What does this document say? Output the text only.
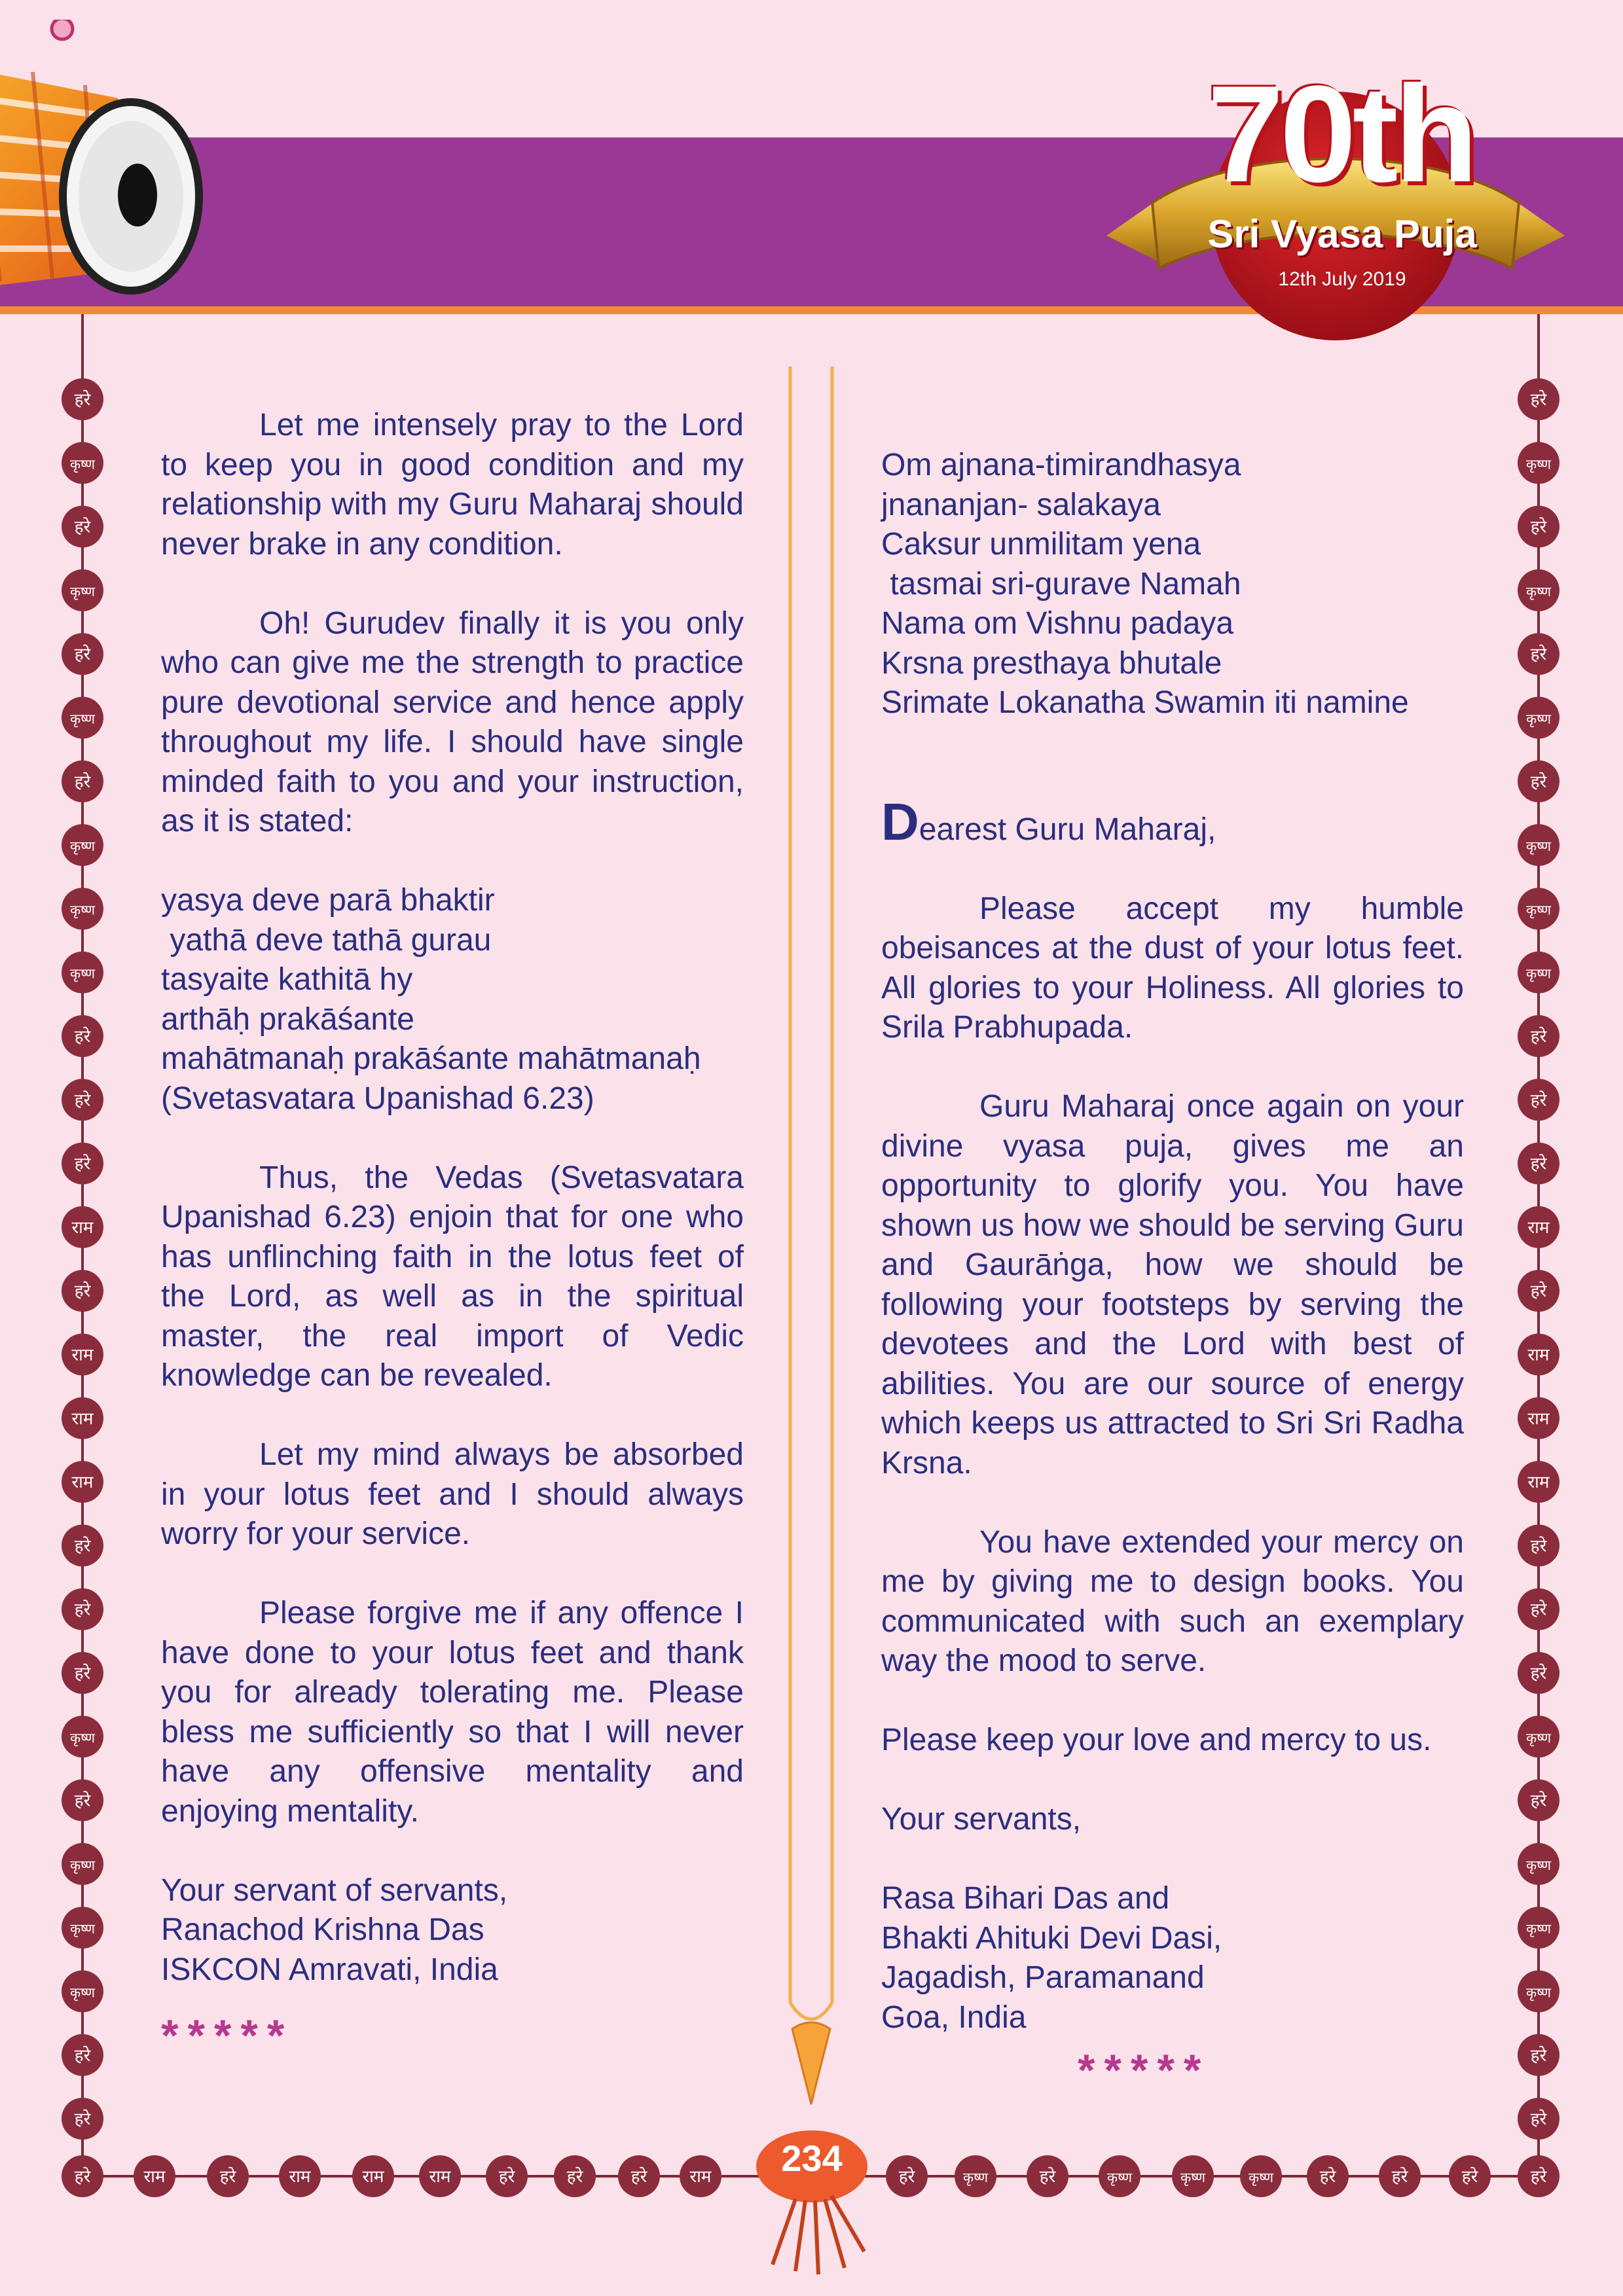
70th
Sri Vyasa Puja
12th July 2019
हरे
कृष्ण
हरे
कृष्ण
हरे
कृष्ण
हरे
कृष्ण
कृष्ण
कृष्ण
हरे
हरे
हरे
राम
हरे
राम
राम
राम
हरे
हरे
हरे
कृष्ण
हरे
कृष्ण
कृष्ण
कृष्ण
हरे
हरे
हरे
कृष्ण
हरे
कृष्ण
हरे
कृष्ण
हरे
कृष्ण
कृष्ण
कृष्ण
हरे
हरे
हरे
राम
हरे
राम
राम
राम
हरे
हरे
हरे
कृष्ण
हरे
कृष्ण
कृष्ण
कृष्ण
हरे
हरे
हरे	राम	हरे	राम	राम	राम	हरे	हरे	हरे	राम	हरे	कृष्ण	हरे	कृष्ण	कृष्ण	कृष्ण	हरे	हरे	हरे	हरे

Let me intensely pray to the Lord to keep you in good condition and my relationship with my Guru Maharaj should never brake in any condition.

Oh! Gurudev finally it is you only who can give me the strength to practice pure devotional service and hence apply throughout my life. I should have single minded faith to you and your instruction, as it is stated:

yasya deve parā bhaktir
yathā deve tathā gurau
tasyaite kathitā hy
arthāḥ prakāśante
mahātmanaḥ prakāśante mahātmanaḥ
(Svetasvatara Upanishad 6.23)

Thus, the Vedas (Svetasvatara Upanishad 6.23) enjoin that for one who has unflinching faith in the lotus feet of the Lord, as well as in the spiritual master, the real import of Vedic knowledge can be revealed.

Let my mind always be absorbed in your lotus feet and I should always worry for your service.

Please forgive me if any offence I have done to your lotus feet and thank you for already tolerating me. Please bless me sufficiently so that I will never have any offensive mentality and enjoying mentality.

Your servant of servants,
Ranachod Krishna Das
ISKCON Amravati, India
*****
Om ajnana-timirandhasya
jnananjan- salakaya
Caksur unmilitam yena
tasmai sri-gurave Namah
Nama om Vishnu padaya
Krsna presthaya bhutale
Srimate Lokanatha Swamin iti namine

Dearest Guru Maharaj,

Please accept my humble obeisances at the dust of your lotus feet. All glories to your Holiness. All glories to Srila Prabhupada.

Guru Maharaj once again on your divine vyasa puja, gives me an opportunity to glorify you. You have shown us how we should be serving Guru and Gaurāṅga, how we should be following your footsteps by serving the devotees and the Lord with best of abilities. You are our source of energy which keeps us attracted to Sri Sri Radha Krsna.

You have extended your mercy on me by giving me to design books. You communicated with such an exemplary way the mood to serve.

Please keep your love and mercy to us.

Your servants,

Rasa Bihari Das and
Bhakti Ahituki Devi Dasi,
Jagadish, Paramanand
Goa, India
*****
234
